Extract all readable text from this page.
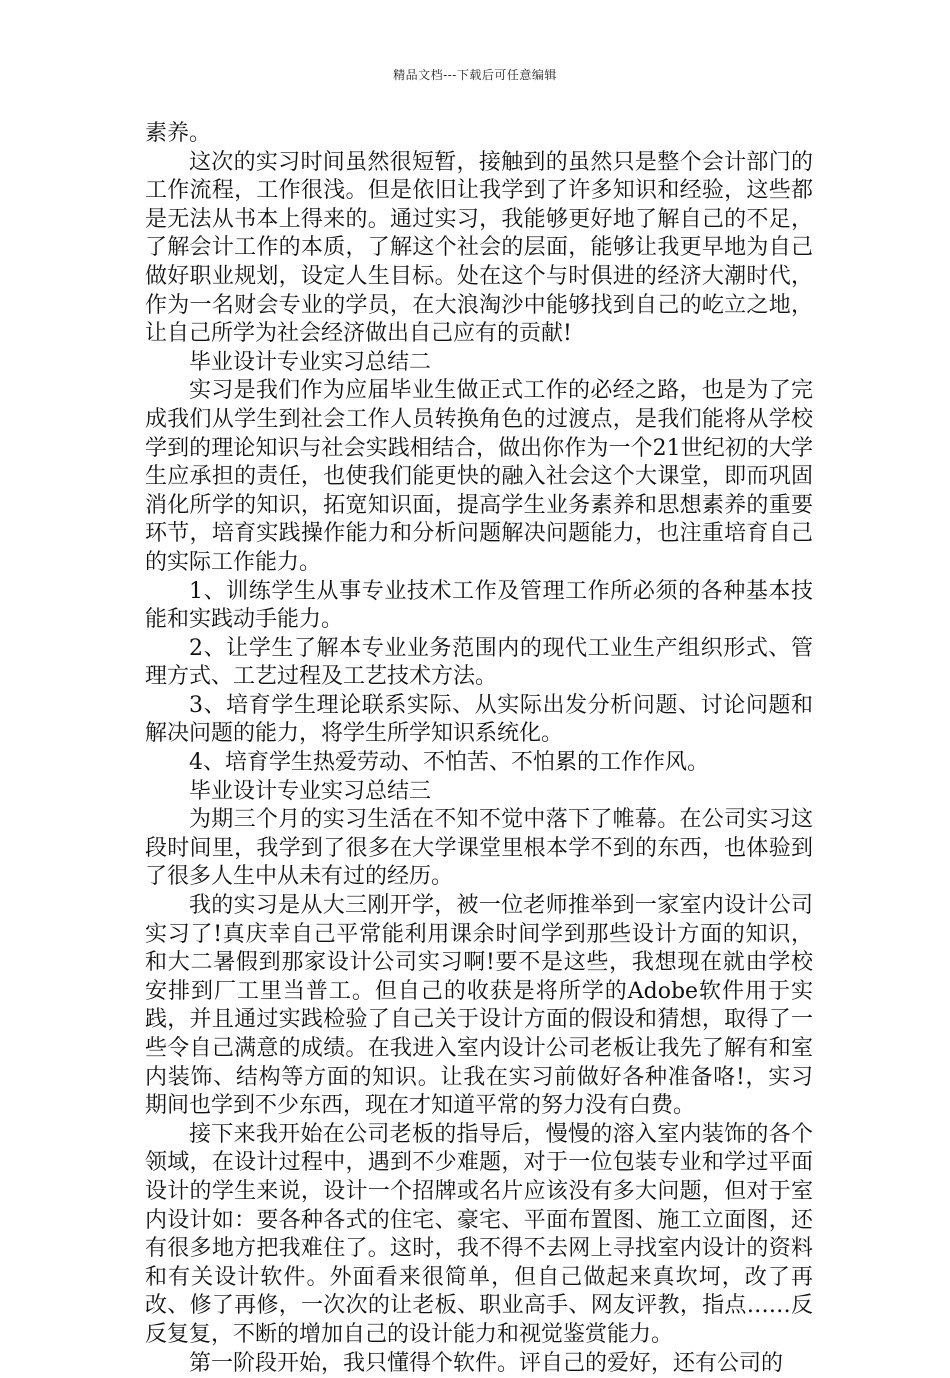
精品文档---下载后可任意编辑

素养。

这次的实习时间虽然很短暂，接触到的虽然只是整个会计部门的工作流程，工作很浅。但是依旧让我学到了许多知识和经验，这些都是无法从书本上得来的。通过实习，我能够更好地了解自己的不足，了解会计工作的本质，了解这个社会的层面，能够让我更早地为自己做好职业规划，设定人生目标。处在这个与时俱进的经济大潮时代，作为一名财会专业的学员，在大浪淘沙中能够找到自己的屹立之地，让自己所学为社会经济做出自己应有的贡献!

毕业设计专业实习总结二

实习是我们作为应届毕业生做正式工作的必经之路，也是为了完成我们从学生到社会工作人员转换角色的过渡点，是我们能将从学校学到的理论知识与社会实践相结合，做出你作为一个21世纪初的大学生应承担的责任，也使我们能更快的融入社会这个大课堂，即而巩固消化所学的知识，拓宽知识面，提高学生业务素养和思想素养的重要环节，培育实践操作能力和分析问题解决问题能力，也注重培育自己的实际工作能力。

1、训练学生从事专业技术工作及管理工作所必须的各种基本技能和实践动手能力。

2、让学生了解本专业业务范围内的现代工业生产组织形式、管理方式、工艺过程及工艺技术方法。

3、培育学生理论联系实际、从实际出发分析问题、讨论问题和解决问题的能力，将学生所学知识系统化。

4、培育学生热爱劳动、不怕苦、不怕累的工作作风。

毕业设计专业实习总结三

为期三个月的实习生活在不知不觉中落下了帷幕。在公司实习这段时间里，我学到了很多在大学课堂里根本学不到的东西，也体验到了很多人生中从未有过的经历。

我的实习是从大三刚开学，被一位老师推举到一家室内设计公司实习了!真庆幸自己平常能利用课余时间学到那些设计方面的知识，和大二暑假到那家设计公司实习啊!要不是这些，我想现在就由学校安排到厂工里当普工。但自己的收获是将所学的Adobe软件用于实践，并且通过实践检验了自己关于设计方面的假设和猜想，取得了一些令自己满意的成绩。在我进入室内设计公司老板让我先了解有和室内装饰、结构等方面的知识。让我在实习前做好各种准备咯!，实习期间也学到不少东西，现在才知道平常的努力没有白费。

接下来我开始在公司老板的指导后，慢慢的溶入室内装饰的各个领域，在设计过程中，遇到不少难题，对于一位包装专业和学过平面设计的学生来说，设计一个招牌或名片应该没有多大问题，但对于室内设计如：要各种各式的住宅、豪宅、平面布置图、施工立面图，还有很多地方把我难住了。这时，我不得不去网上寻找室内设计的资料和有关设计软件。外面看来很简单，但自己做起来真坎坷，改了再改、修了再修，一次次的让老板、职业高手、网友评教，指点……反反复复，不断的增加自己的设计能力和视觉鉴赏能力。

第一阶段开始，我只懂得个软件。评自己的爱好，还有公司的
